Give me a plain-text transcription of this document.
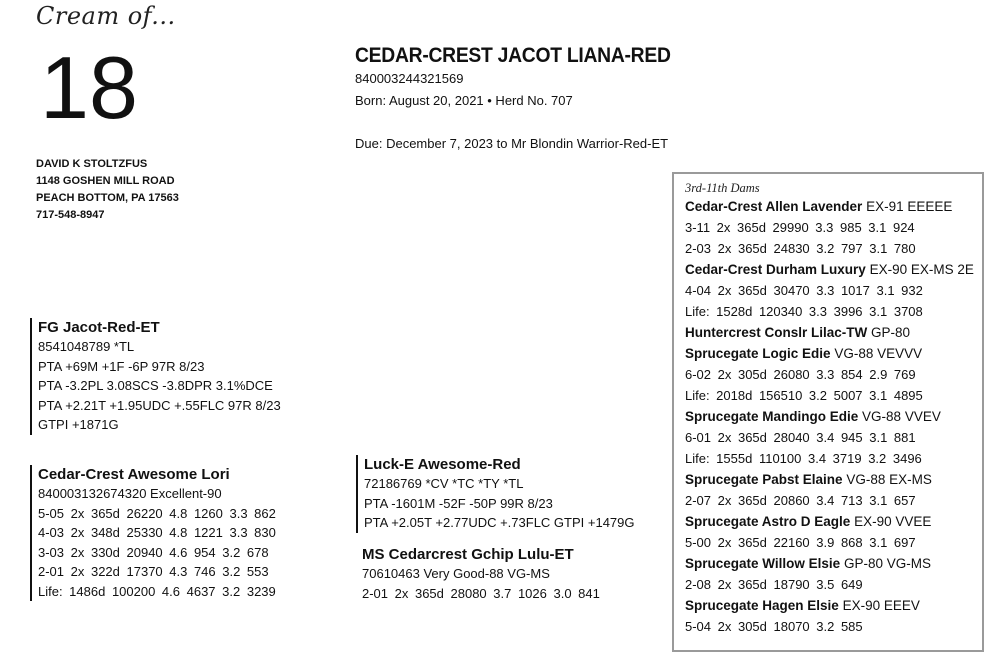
Cream of...
18
DAVID K STOLTZFUS
1148 GOSHEN MILL ROAD
PEACH BOTTOM, PA 17563
717-548-8947
CEDAR-CREST JACOT LIANA-RED
840003244321569
Born: August 20, 2021 • Herd No. 707
Due: December 7, 2023 to Mr Blondin Warrior-Red-ET
FG Jacot-Red-ET
8541048789 *TL
PTA +69M +1F -6P 97R 8/23
PTA -3.2PL 3.08SCS -3.8DPR 3.1%DCE
PTA +2.21T +1.95UDC +.55FLC 97R 8/23
GTPI +1871G
Cedar-Crest Awesome Lori
840003132674320 Excellent-90
5-05 2x 365d 26220 4.8 1260 3.3 862
4-03 2x 348d 25330 4.8 1221 3.3 830
3-03 2x 330d 20940 4.6 954 3.2 678
2-01 2x 322d 17370 4.3 746 3.2 553
Life: 1486d 100200 4.6 4637 3.2 3239
Luck-E Awesome-Red
72186769 *CV *TC *TY *TL
PTA -1601M -52F -50P 99R 8/23
PTA +2.05T +2.77UDC +.73FLC GTPI +1479G
MS Cedarcrest Gchip Lulu-ET
70610463 Very Good-88 VG-MS
2-01 2x 365d 28080 3.7 1026 3.0 841
3rd-11th Dams
Cedar-Crest Allen Lavender EX-91 EEEEE
3-11 2x 365d 29990 3.3 985 3.1 924
2-03 2x 365d 24830 3.2 797 3.1 780
Cedar-Crest Durham Luxury EX-90 EX-MS 2E
4-04 2x 365d 30470 3.3 1017 3.1 932
Life: 1528d 120340 3.3 3996 3.1 3708
Huntercrest Conslr Lilac-TW GP-80
Sprucegate Logic Edie VG-88 VEVVV
6-02 2x 305d 26080 3.3 854 2.9 769
Life: 2018d 156510 3.2 5007 3.1 4895
Sprucegate Mandingo Edie VG-88 VVEV
6-01 2x 365d 28040 3.4 945 3.1 881
Life: 1555d 110100 3.4 3719 3.2 3496
Sprucegate Pabst Elaine VG-88 EX-MS
2-07 2x 365d 20860 3.4 713 3.1 657
Sprucegate Astro D Eagle EX-90 VVEE
5-00 2x 365d 22160 3.9 868 3.1 697
Sprucegate Willow Elsie GP-80 VG-MS
2-08 2x 365d 18790 3.5 649
Sprucegate Hagen Elsie EX-90 EEEV
5-04 2x 305d 18070 3.2 585
